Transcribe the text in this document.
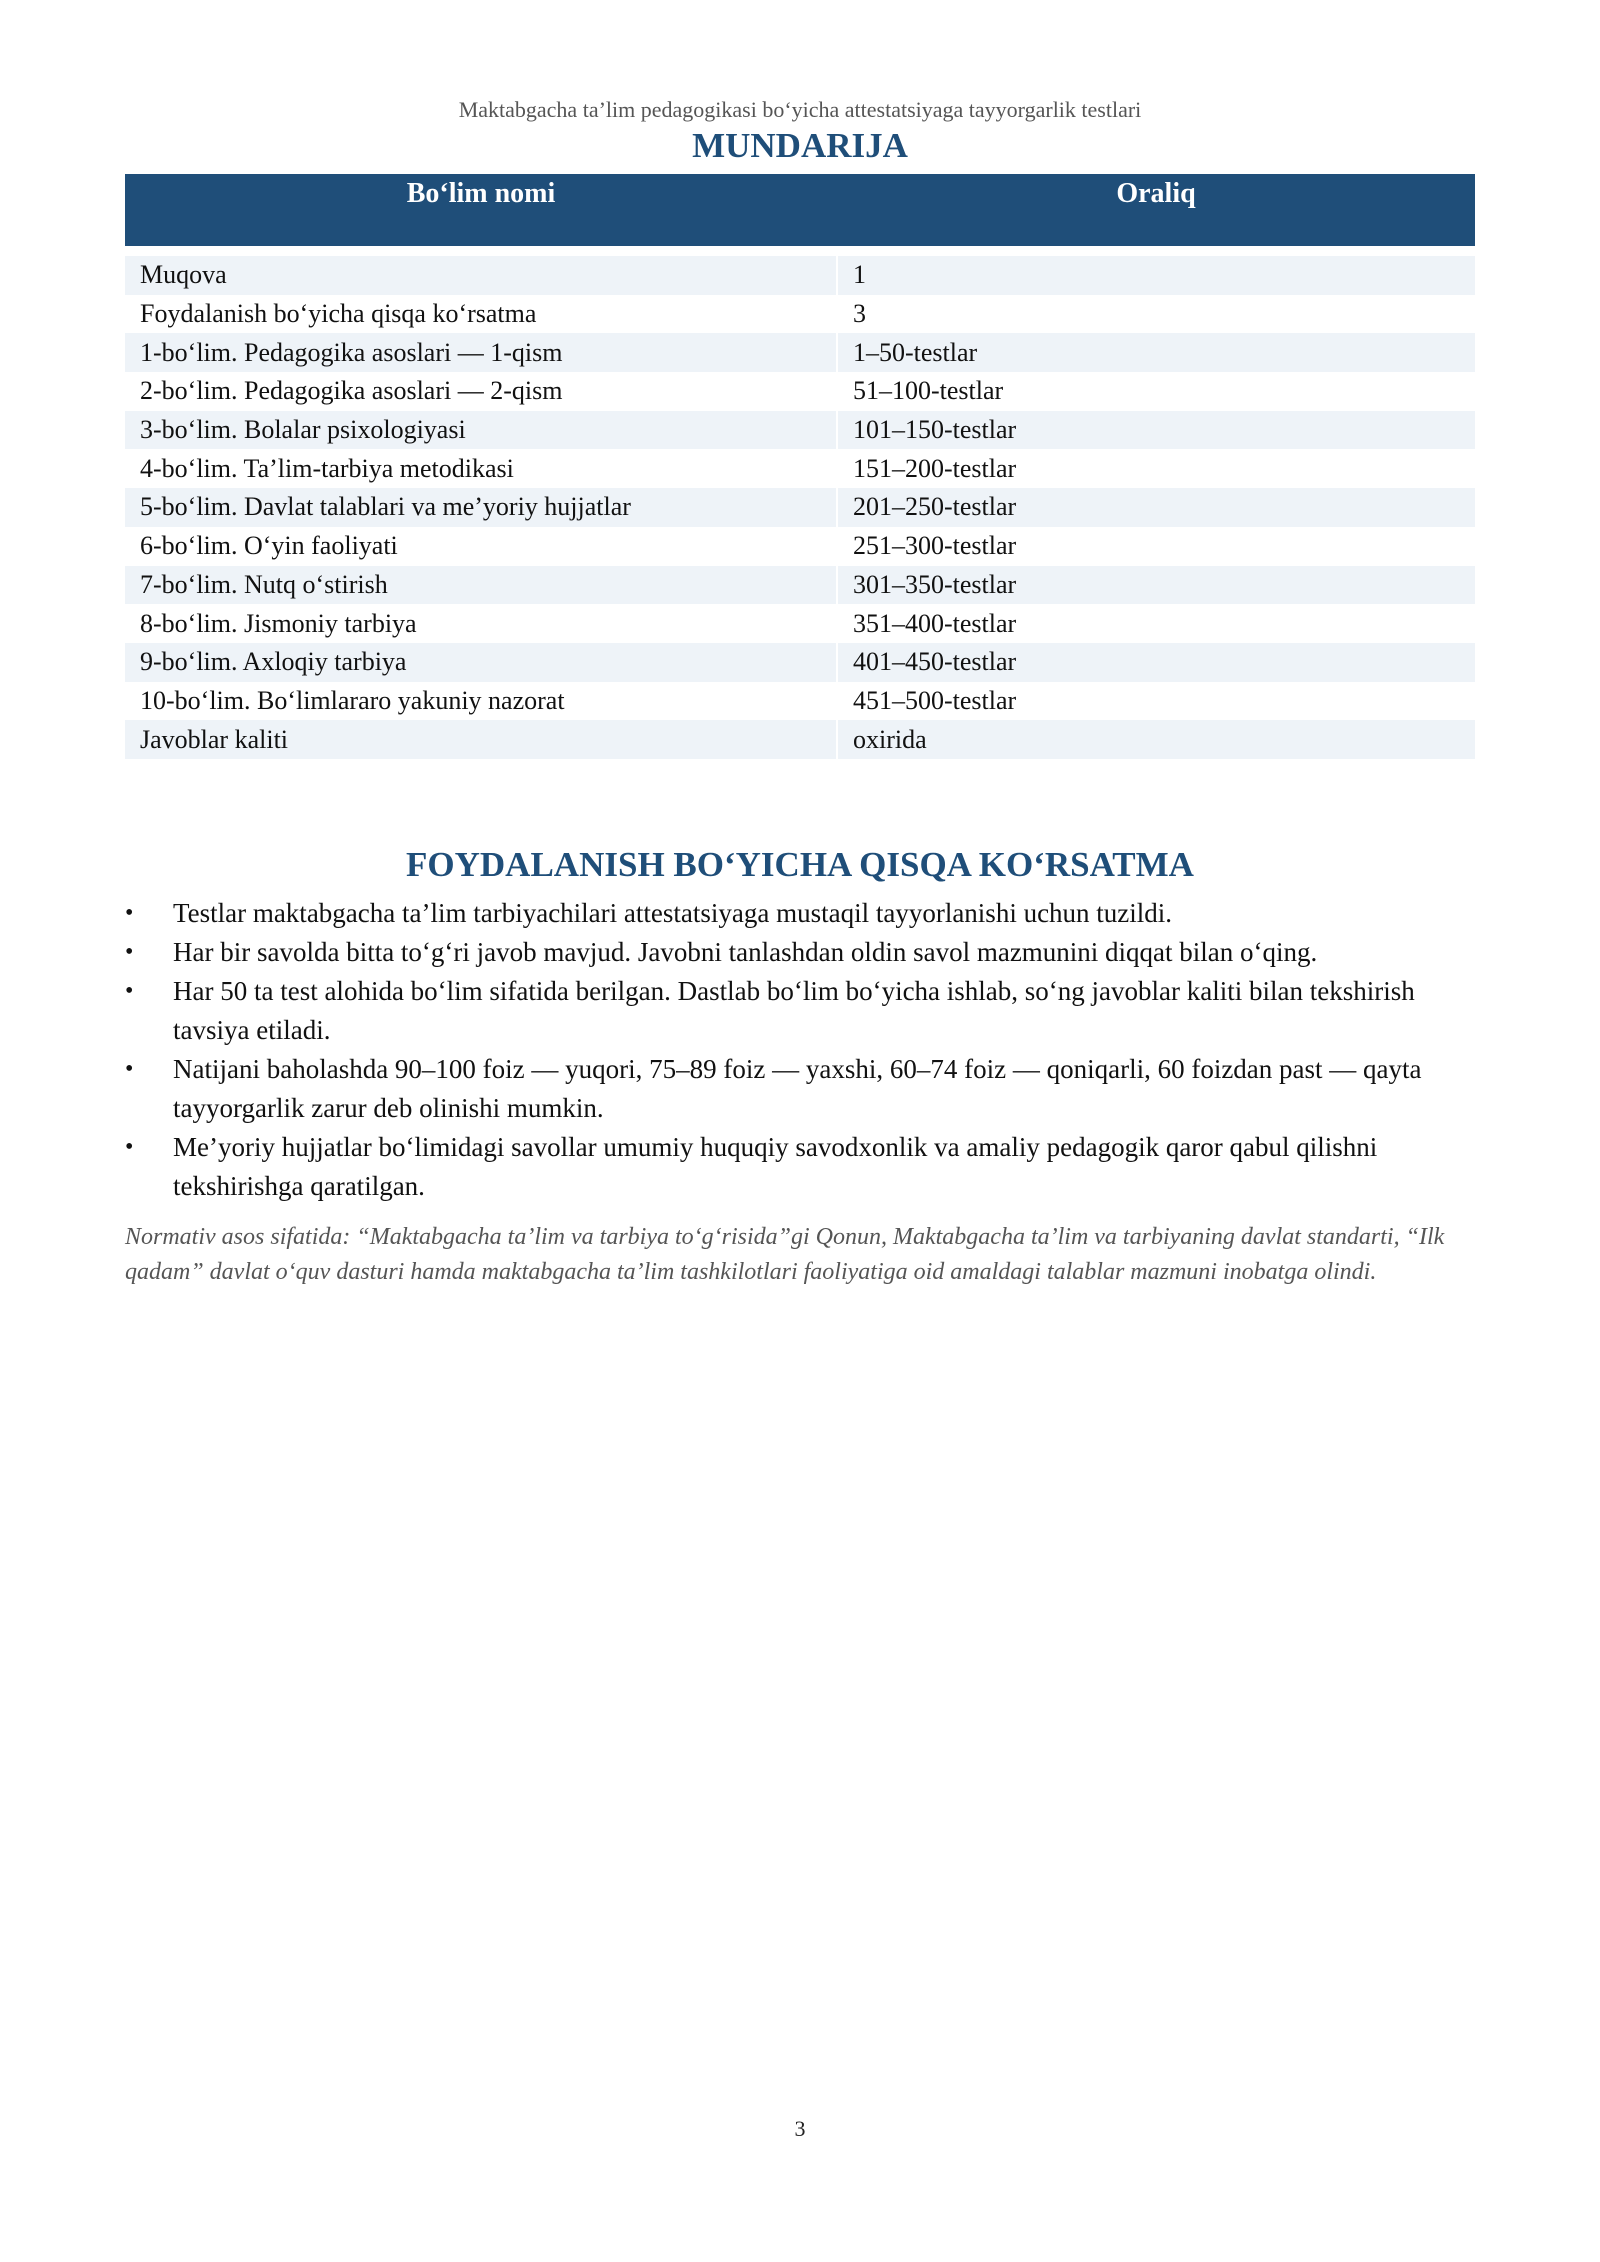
Maktabgacha ta’lim pedagogikasi bo‘yicha attestatsiyaga tayyorgarlik testlari
MUNDARIJA
Bo‘lim nomi	Oraliq

Muqova	1
Foydalanish bo‘yicha qisqa ko‘rsatma	3
1-bo‘lim. Pedagogika asoslari — 1-qism	1–50-testlar
2-bo‘lim. Pedagogika asoslari — 2-qism	51–100-testlar
3-bo‘lim. Bolalar psixologiyasi	101–150-testlar
4-bo‘lim. Ta’lim-tarbiya metodikasi	151–200-testlar
5-bo‘lim. Davlat talablari va me’yoriy hujjatlar	201–250-testlar
6-bo‘lim. O‘yin faoliyati	251–300-testlar
7-bo‘lim. Nutq o‘stirish	301–350-testlar
8-bo‘lim. Jismoniy tarbiya	351–400-testlar
9-bo‘lim. Axloqiy tarbiya	401–450-testlar
10-bo‘lim. Bo‘limlararo yakuniy nazorat	451–500-testlar
Javoblar kaliti	oxirida
FOYDALANISH BO‘YICHA QISQA KO‘RSATMA
•	Testlar maktabgacha ta’lim tarbiyachilari attestatsiyaga mustaqil tayyorlanishi uchun tuzildi.
•	Har bir savolda bitta to‘g‘ri javob mavjud. Javobni tanlashdan oldin savol mazmunini diqqat bilan o‘qing.
•	Har 50 ta test alohida bo‘lim sifatida berilgan. Dastlab bo‘lim bo‘yicha ishlab, so‘ng javoblar kaliti bilan tekshirish tavsiya etiladi.
•	Natijani baholashda 90–100 foiz — yuqori, 75–89 foiz — yaxshi, 60–74 foiz — qoniqarli, 60 foizdan past — qayta tayyorgarlik zarur deb olinishi mumkin.
•	Me’yoriy hujjatlar bo‘limidagi savollar umumiy huquqiy savodxonlik va amaliy pedagogik qaror qabul qilishni tekshirishga qaratilgan.

Normativ asos sifatida: “Maktabgacha ta’lim va tarbiya to‘g‘risida”gi Qonun, Maktabgacha ta’lim va tarbiyaning davlat standarti, “Ilk qadam” davlat o‘quv dasturi hamda maktabgacha ta’lim tashkilotlari faoliyatiga oid amaldagi talablar mazmuni inobatga olindi.

3
